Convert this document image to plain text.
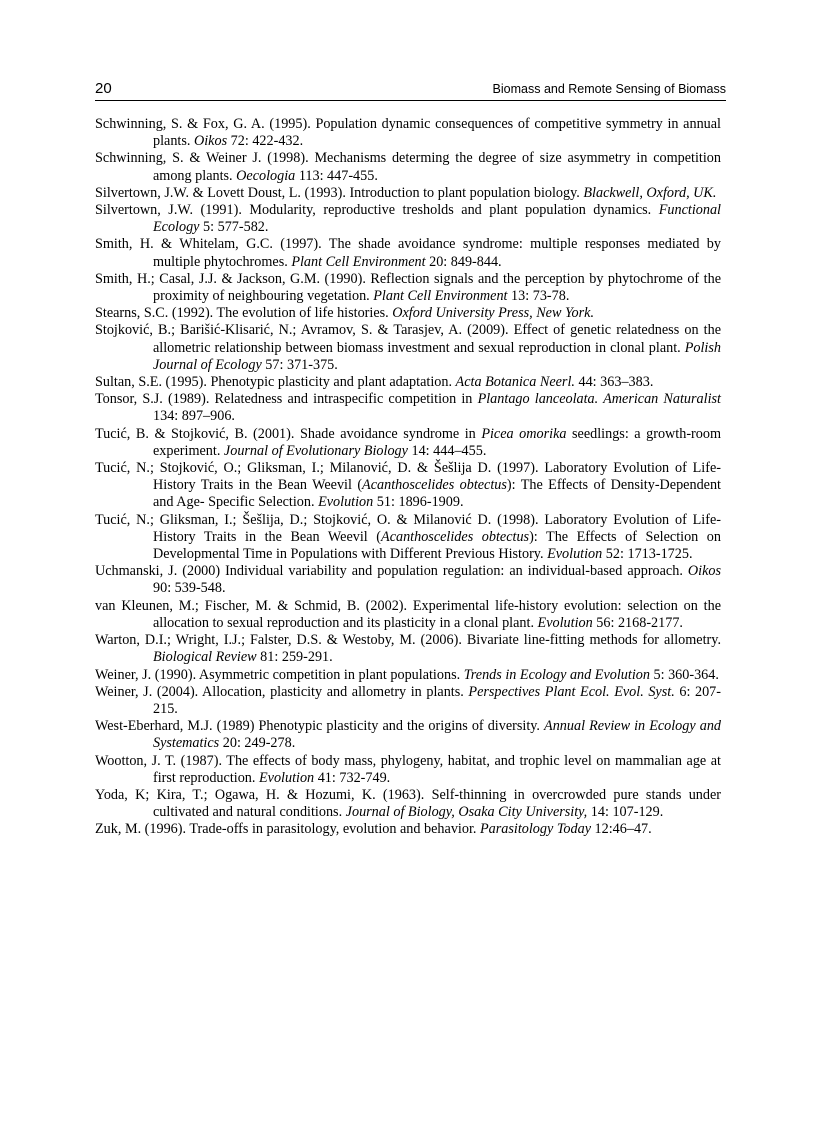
20	Biomass and Remote Sensing of Biomass

Schwinning, S. & Fox, G. A. (1995). Population dynamic consequences of competitive symmetry in annual plants. Oikos 72: 422-432.

Schwinning, S. & Weiner J. (1998). Mechanisms determing the degree of size asymmetry in competition among plants. Oecologia 113: 447-455.

Silvertown, J.W. & Lovett Doust, L. (1993). Introduction to plant population biology. Blackwell, Oxford, UK.

Silvertown, J.W. (1991). Modularity, reproductive tresholds and plant population dynamics. Functional Ecology 5: 577-582.

Smith, H. & Whitelam, G.C. (1997). The shade avoidance syndrome: multiple responses mediated by multiple phytochromes. Plant Cell Environment 20: 849-844.

Smith, H.; Casal, J.J. & Jackson, G.M. (1990). Reflection signals and the perception by phytochrome of the proximity of neighbouring vegetation. Plant Cell Environment 13: 73-78.

Stearns, S.C. (1992). The evolution of life histories. Oxford University Press, New York.

Stojković, B.; Barišić-Klisarić, N.; Avramov, S. & Tarasjev, A. (2009). Effect of genetic relatedness on the allometric relationship between biomass investment and sexual reproduction in clonal plant. Polish Journal of Ecology 57: 371-375.

Sultan, S.E. (1995). Phenotypic plasticity and plant adaptation. Acta Botanica Neerl. 44: 363–383.

Tonsor, S.J. (1989). Relatedness and intraspecific competition in Plantago lanceolata. American Naturalist 134: 897–906.

Tucić, B. & Stojković, B. (2001). Shade avoidance syndrome in Picea omorika seedlings: a growth-room experiment. Journal of Evolutionary Biology 14: 444–455.

Tucić, N.; Stojković, O.; Gliksman, I.; Milanović, D. & Šešlija D. (1997). Laboratory Evolution of Life-History Traits in the Bean Weevil (Acanthoscelides obtectus): The Effects of Density-Dependent and Age- Specific Selection. Evolution 51: 1896-1909.

Tucić, N.; Gliksman, I.; Šešlija, D.; Stojković, O. & Milanović D. (1998). Laboratory Evolution of Life-History Traits in the Bean Weevil (Acanthoscelides obtectus): The Effects of Selection on Developmental Time in Populations with Different Previous History. Evolution 52: 1713-1725.

Uchmanski, J. (2000) Individual variability and population regulation: an individual-based approach. Oikos 90: 539-548.

van Kleunen, M.; Fischer, M. & Schmid, B. (2002). Experimental life-history evolution: selection on the allocation to sexual reproduction and its plasticity in a clonal plant. Evolution 56: 2168-2177.

Warton, D.I.; Wright, I.J.; Falster, D.S. & Westoby, M. (2006). Bivariate line-fitting methods for allometry. Biological Review 81: 259-291.

Weiner, J. (1990). Asymmetric competition in plant populations. Trends in Ecology and Evolution 5: 360-364.

Weiner, J. (2004). Allocation, plasticity and allometry in plants. Perspectives Plant Ecol. Evol. Syst. 6: 207-215.

West-Eberhard, M.J. (1989) Phenotypic plasticity and the origins of diversity. Annual Review in Ecology and Systematics 20: 249-278.

Wootton, J. T. (1987). The effects of body mass, phylogeny, habitat, and trophic level on mammalian age at first reproduction. Evolution 41: 732-749.

Yoda, K; Kira, T.; Ogawa, H. & Hozumi, K. (1963). Self-thinning in overcrowded pure stands under cultivated and natural conditions. Journal of Biology, Osaka City University, 14: 107-129.

Zuk, M. (1996). Trade-offs in parasitology, evolution and behavior. Parasitology Today 12:46–47.
